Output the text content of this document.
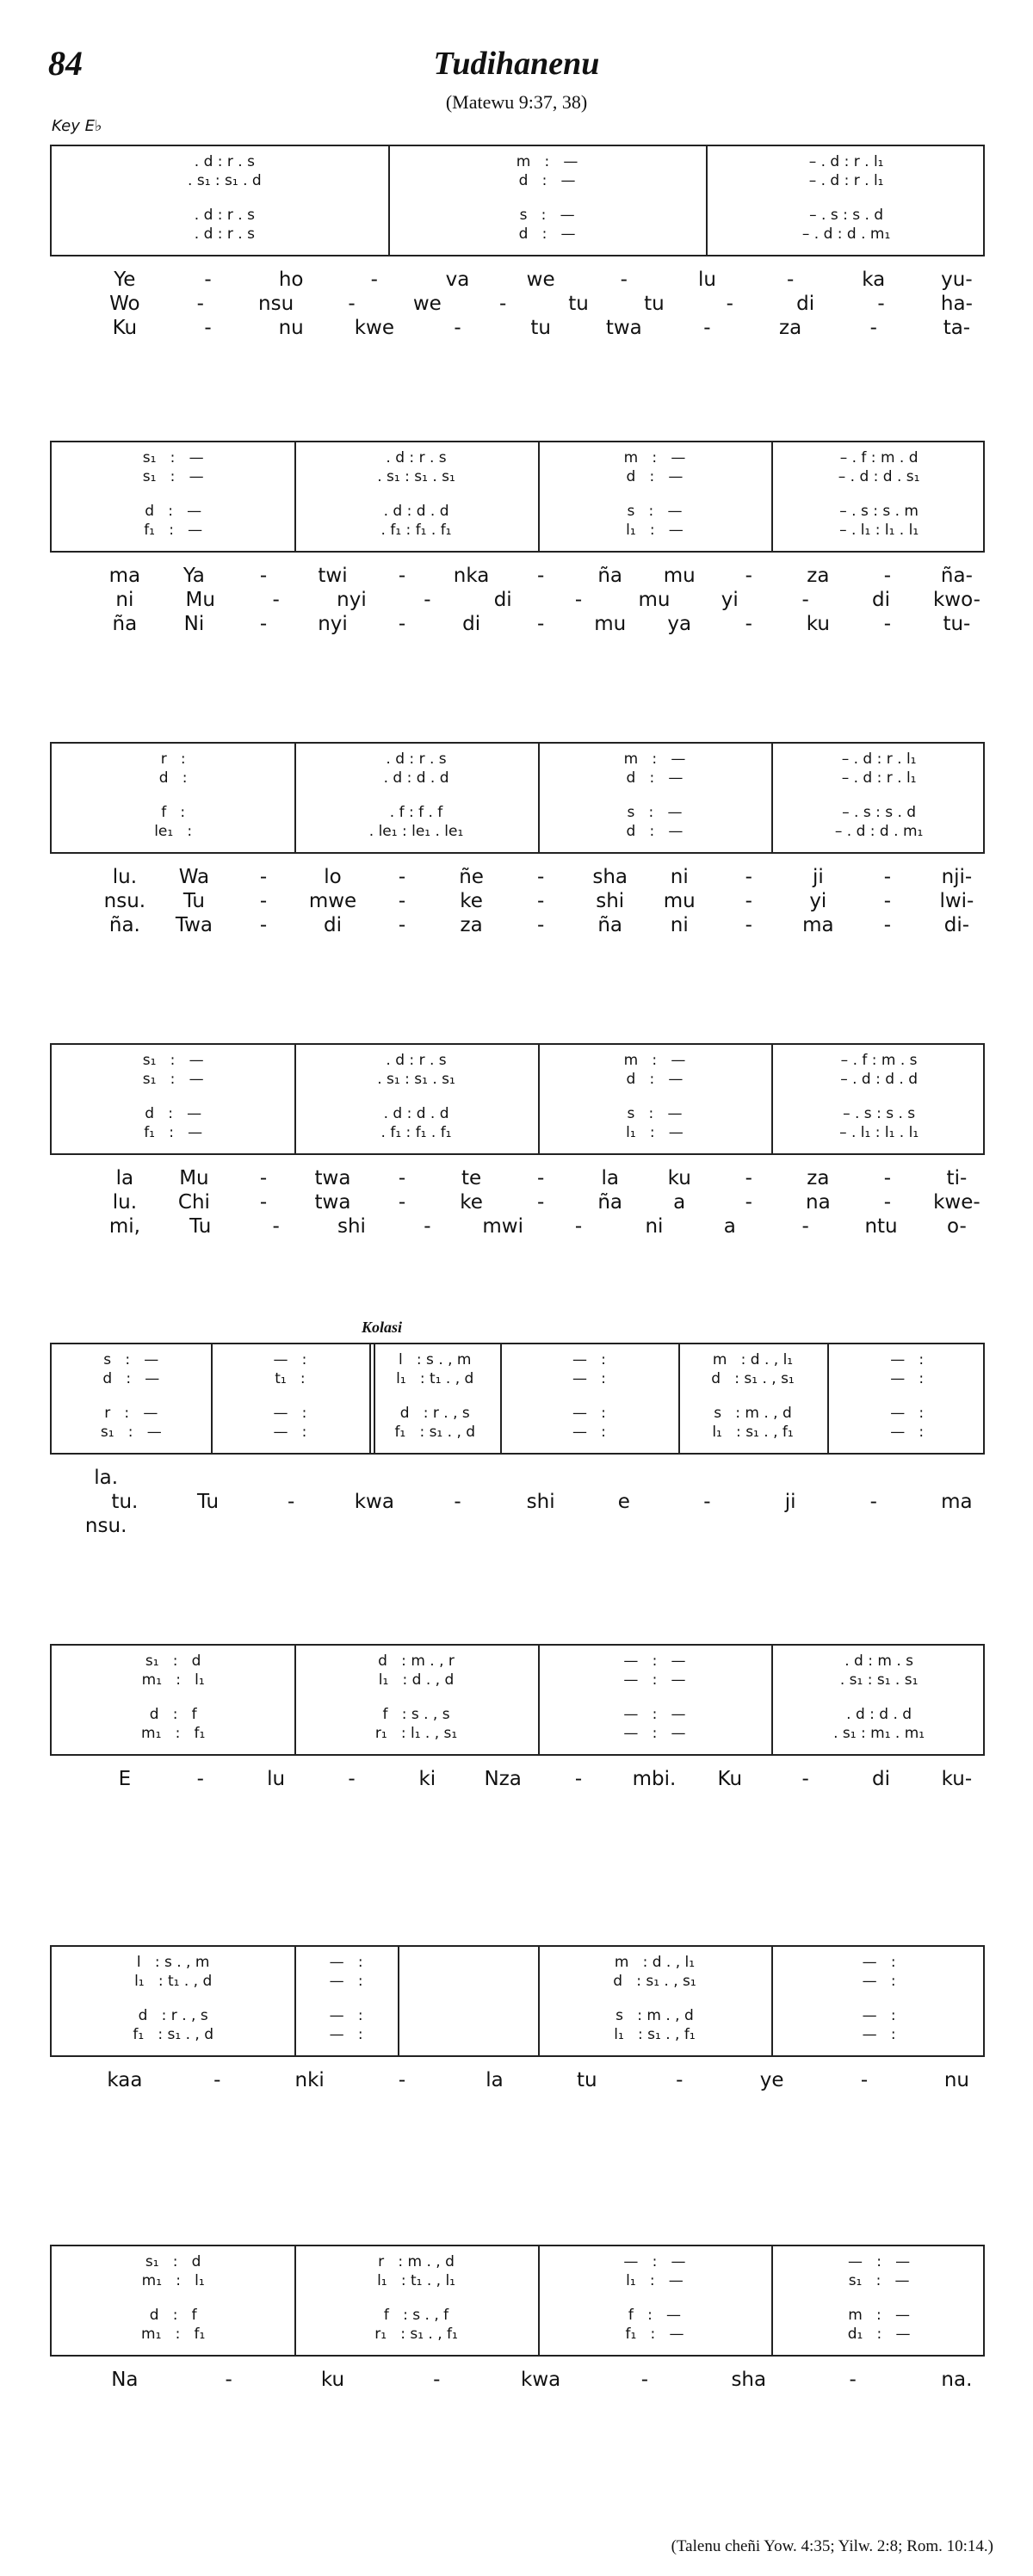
84	Tudihanenu
(Matewu 9:37, 38)
Key E♭
Kolasi
(Talenu cheñi Yow. 4:35; Yilw. 2:8; Rom. 10:14.)
. d : r . s	m   :   —	– . d : r . l₁
. s₁ : s₁ . d	d   :   —	– . d : r . l₁
. d : r . s	s   :   —	– . s : s . d
. d : r . s	d   :   —	– . d : d . m₁
Ye	-	ho	-	va	we	-	lu	-	ka	yu-
Wo	-	nsu	-	we	-	tu	tu	-	di	-	ha-
Ku	-	nu	kwe	-	tu	twa	-	za	-	ta-
s₁   :   —	. d : r . s	m   :   —	– . f : m . d
s₁   :   —	. s₁ : s₁ . s₁	d   :   —	– . d : d . s₁
d   :   —	. d : d . d	s   :   —	– . s : s . m
f₁   :   —	. f₁ : f₁ . f₁	l₁   :   —	– . l₁ : l₁ . l₁
ma Ya	-	twi	- nka -	ña mu	-	za	-	ña-
ni	Mu	-	nyi	-	di	-	mu	yi	-	di kwo-
ña Ni	-	nyi	-	di	-	mu ya	-	ku	-	tu-
r   :	. d : r . s	m   :   —	– . d : r . l₁
d   :	. d : d . d	d   :   —	– . d : r . l₁
f   :	. f : f . f	s   :   —	– . s : s . d
le₁   :	. le₁ : le₁ . le₁	d   :   —	– . d : d . m₁
lu. Wa	-	lo	-	ñe	- sha ni	-	ji	-	nji-
nsu. Tu	- mwe -	ke	-	shi mu	-	yi	- lwi-
ña. Twa -	di	-	za	-	ña ni	-	ma	-	di-
s₁   :   —	. d : r . s	m   :   —	– . f : m . s
s₁   :   —	. s₁ : s₁ . s₁	d   :   —	– . d : d . d
d   :   —	. d : d . d	s   :   —	– . s : s . s
f₁   :   —	. f₁ : f₁ . f₁	l₁   :   —	– . l₁ : l₁ . l₁
la Mu	- twa -	te	-	la ku	-	za	-	ti-
lu. Chi	- twa -	ke	-	ña	a	-	na	- kwe-
mi, Tu	-	shi	-	mwi	-	ni	a	-	ntu o-
s   :   —	—   :	l   : s . , m	—   :	m   : d . , l₁	—   :
d   :   —	t₁   :	l₁   : t₁ . , d	—   :	d   : s₁ . , s₁	—   :
r   :   —	—   :	d   : r . , s	—   :	s   : m . , d	—   :
s₁   :   —	—   :	f₁   : s₁ . , d	—   :	l₁   : s₁ . , f₁	—   :
la.
tu.	Tu	-	kwa	-	shi	e	-	ji	-	ma
nsu.
s₁   :   d	d   : m . , r	—   :   —	. d : m . s
m₁   :   l₁	l₁   : d . , d	—   :   —	. s₁ : s₁ . s₁
d   :   f	f   : s . , s	—   :   —	. d : d . d
m₁   :   f₁	r₁   : l₁ . , s₁	—   :   —	. s₁ : m₁ . m₁
E	-	lu	-	ki Nza	-	mbi. Ku	-	di	ku-
l   : s . , m	—   :	m   : d . , l₁	—   :
l₁   : t₁ . , d	—   :	d   : s₁ . , s₁	—   :
d   : r . , s	—   :	s   : m . , d	—   :
f₁   : s₁ . , d	—   :	l₁   : s₁ . , f₁	—   :
kaa	-	nki	-	la	tu	-	ye	-	nu
s₁   :   d	r   : m . , d	—   :   —	—   :   —
m₁   :   l₁	l₁   : t₁ . , l₁	l₁   :   —	s₁   :   —
d   :   f	f   : s . , f	f   :   —	m   :   —
m₁   :   f₁	r₁   : s₁ . , f₁	f₁   :   —	d₁   :   —
Na	-	ku	-	kwa	-	sha	-	na.
